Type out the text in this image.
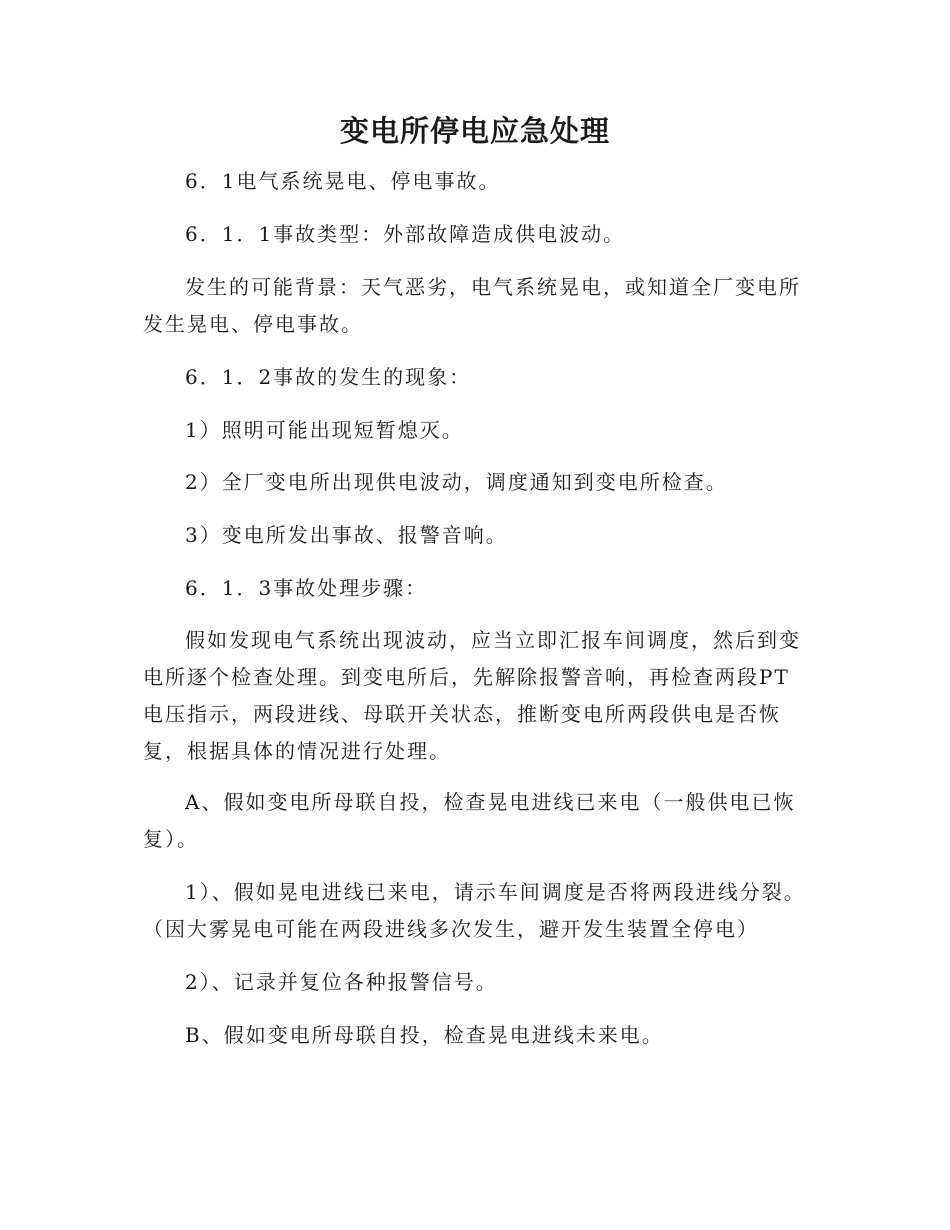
变电所停电应急处理

6．1电气系统晃电、停电事故。

6．1．1事故类型：外部故障造成供电波动。

发生的可能背景：天气恶劣，电气系统晃电，或知道全厂变电所发生晃电、停电事故。

6．1．2事故的发生的现象：

1）照明可能出现短暂熄灭。

2）全厂变电所出现供电波动，调度通知到变电所检查。

3）变电所发出事故、报警音响。

6．1．3事故处理步骤：

假如发现电气系统出现波动，应当立即汇报车间调度，然后到变电所逐个检查处理。到变电所后，先解除报警音响，再检查两段PT电压指示，两段进线、母联开关状态，推断变电所两段供电是否恢复，根据具体的情况进行处理。

A、假如变电所母联自投，检查晃电进线已来电（一般供电已恢复）。

1）、假如晃电进线已来电，请示车间调度是否将两段进线分裂。（因大雾晃电可能在两段进线多次发生，避开发生装置全停电）

2）、记录并复位各种报警信号。

B、假如变电所母联自投，检查晃电进线未来电。
